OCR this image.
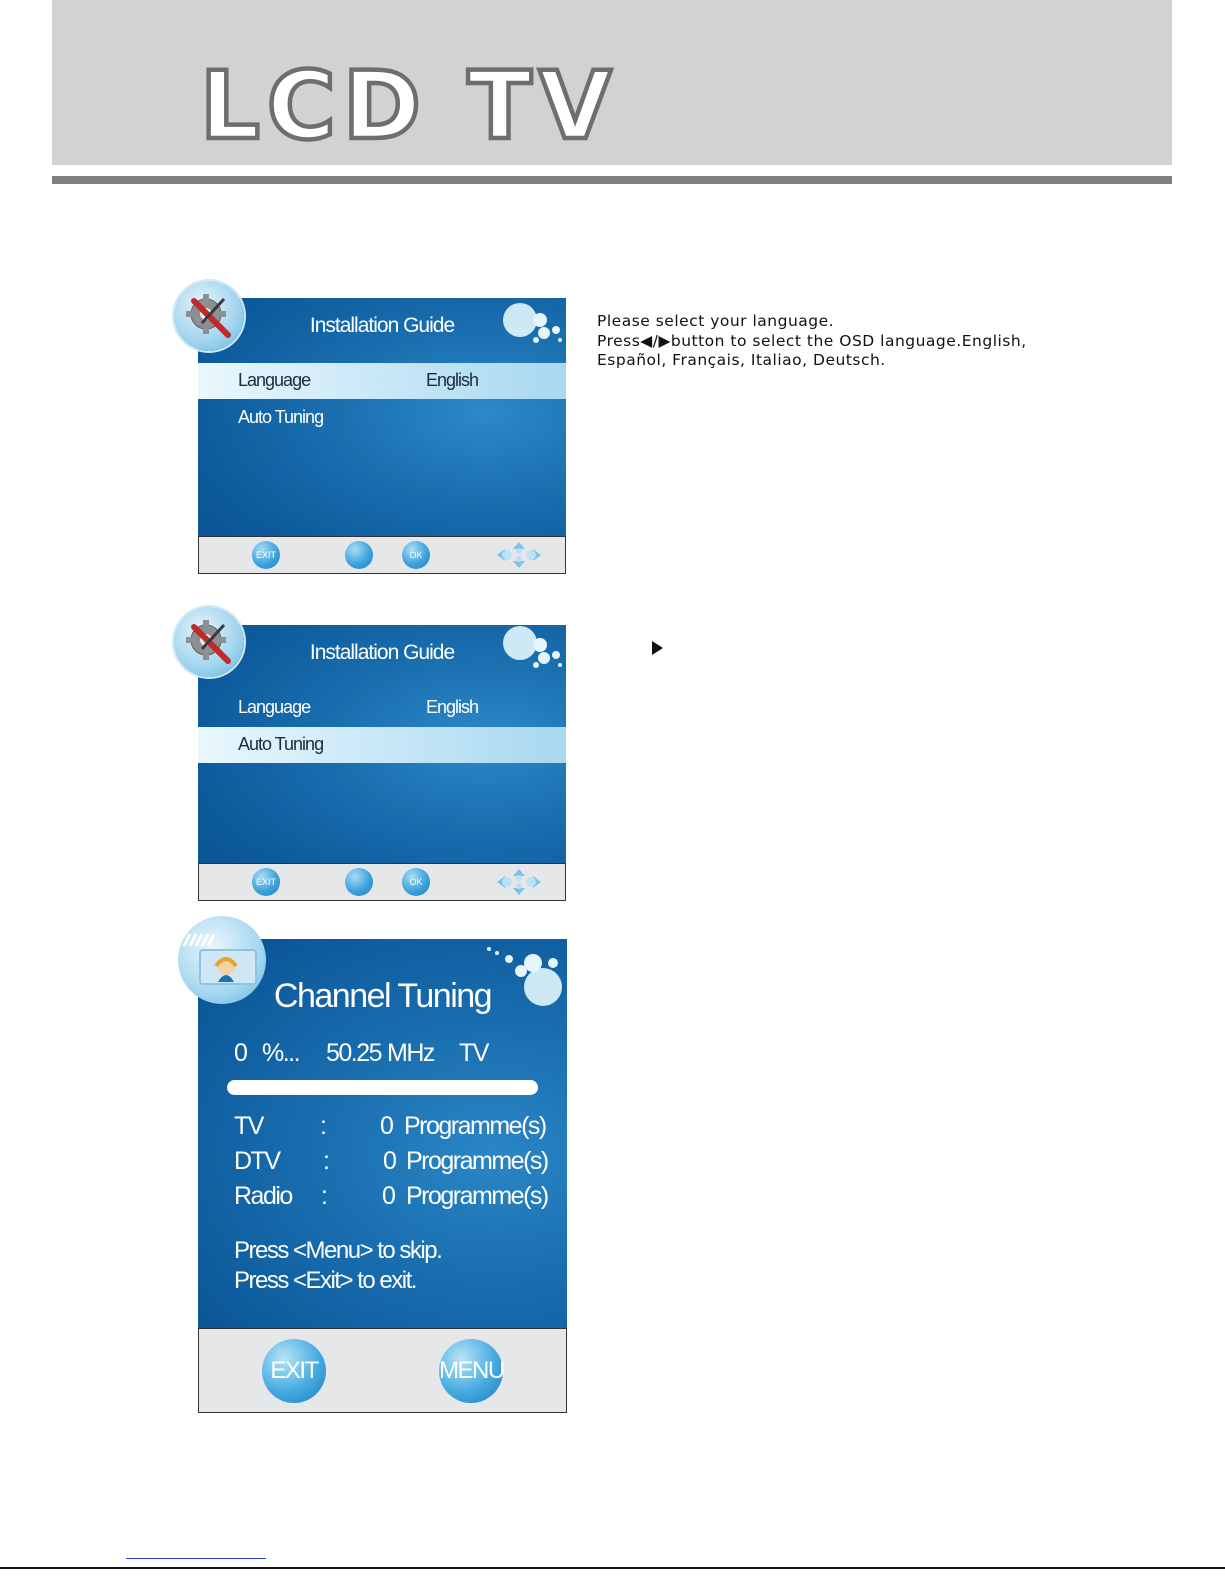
LCD TV
Installation Guide
Language	English
Auto Tuning
EXIT	OK
Installation Guide
Language	English
Auto Tuning
EXIT	OK
Channel Tuning
0 %... 50.25 MHz TV
TV : 0 Programme(s)
DTV : 0 Programme(s)
Radio : 0 Programme(s)
Press <Menu> to skip.
Press <Exit> to exit.
EXIT	MENU

Please select your language.

Press◀/▶button to select the OSD language.English,

Español, Français, Italiao, Deutsch.
